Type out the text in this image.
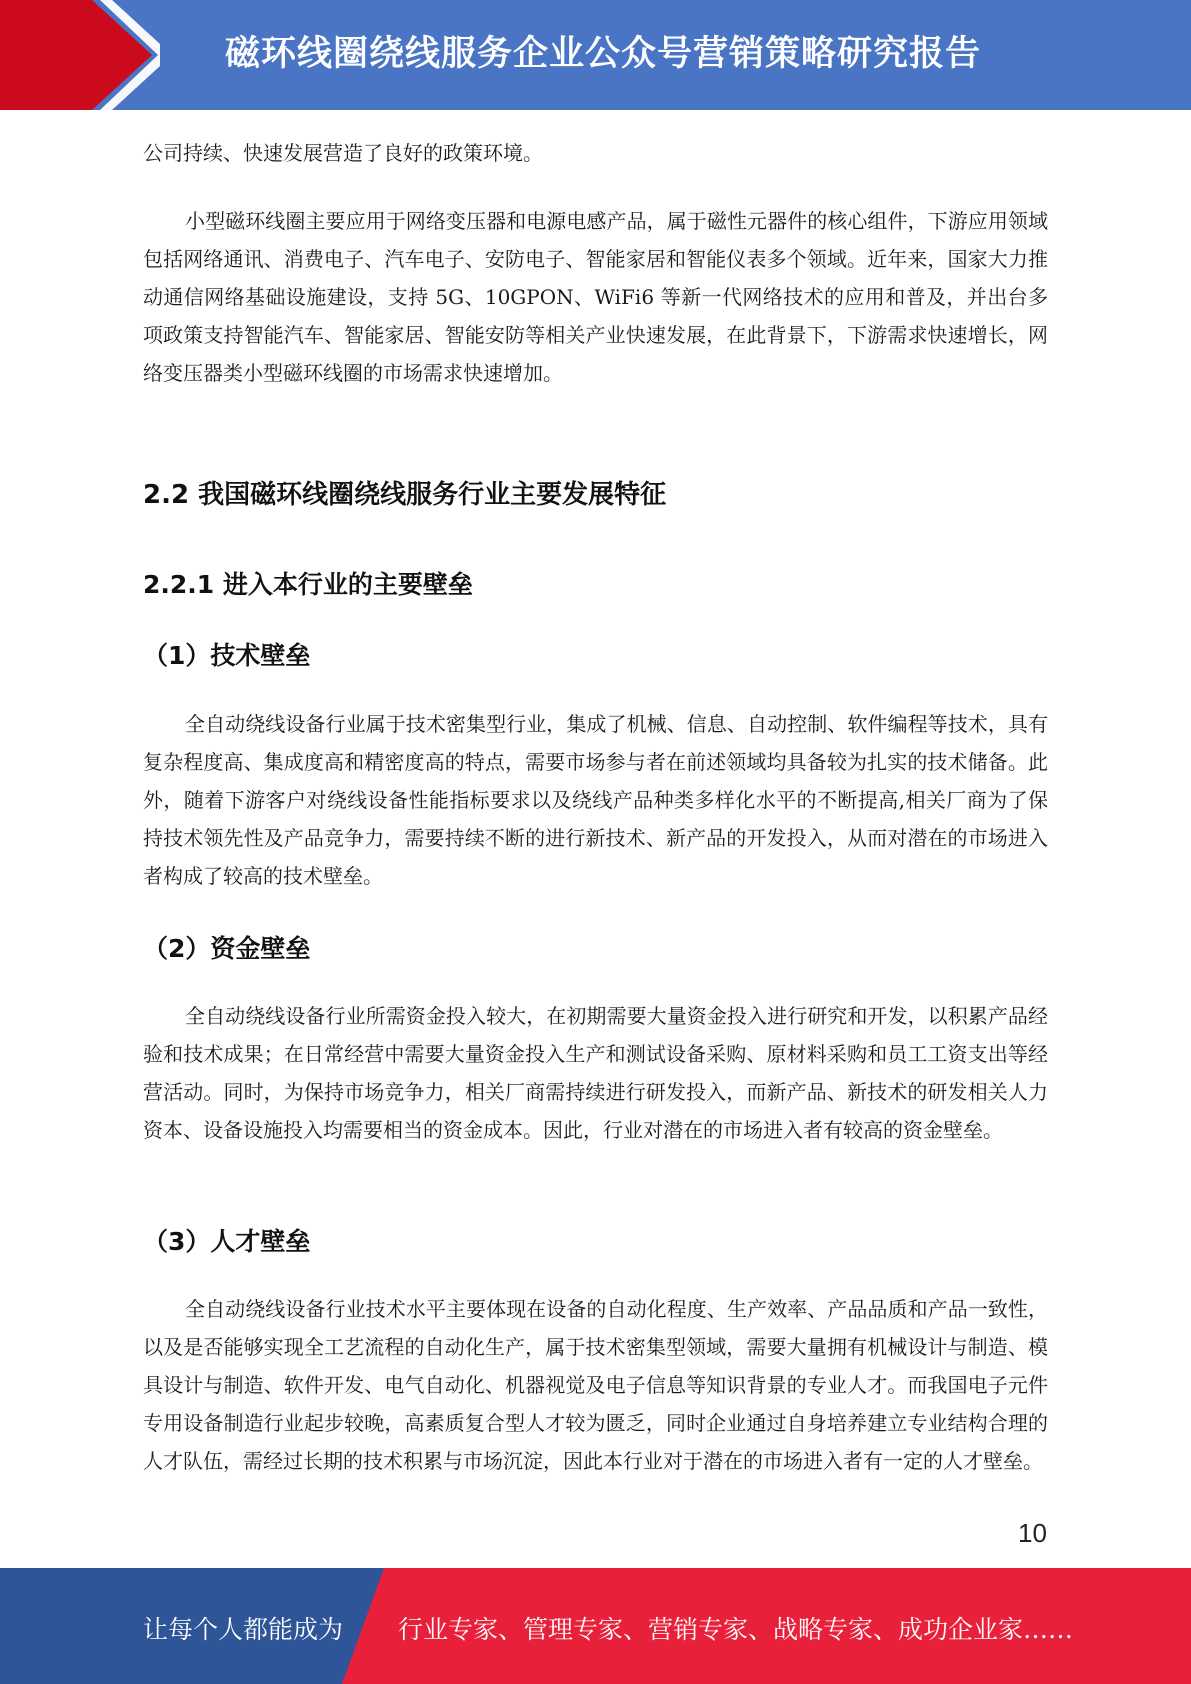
磁环线圈绕线服务企业公众号营销策略研究报告
公司持续、快速发展营造了良好的政策环境。
小型磁环线圈主要应用于网络变压器和电源电感产品，属于磁性元器件的核心组件，下游应用领域包括网络通讯、消费电子、汽车电子、安防电子、智能家居和智能仪表多个领域。近年来，国家大力推动通信网络基础设施建设，支持 5G、10GPON、WiFi6 等新一代网络技术的应用和普及，并出台多项政策支持智能汽车、智能家居、智能安防等相关产业快速发展，在此背景下，下游需求快速增长，网络变压器类小型磁环线圈的市场需求快速增加。
2.2 我国磁环线圈绕线服务行业主要发展特征
2.2.1 进入本行业的主要壁垒
（1）技术壁垒
全自动绕线设备行业属于技术密集型行业，集成了机械、信息、自动控制、软件编程等技术，具有复杂程度高、集成度高和精密度高的特点，需要市场参与者在前述领域均具备较为扎实的技术储备。此外，随着下游客户对绕线设备性能指标要求以及绕线产品种类多样化水平的不断提高,相关厂商为了保持技术领先性及产品竞争力，需要持续不断的进行新技术、新产品的开发投入，从而对潜在的市场进入者构成了较高的技术壁垒。
（2）资金壁垒
全自动绕线设备行业所需资金投入较大，在初期需要大量资金投入进行研究和开发，以积累产品经验和技术成果；在日常经营中需要大量资金投入生产和测试设备采购、原材料采购和员工工资支出等经营活动。同时，为保持市场竞争力，相关厂商需持续进行研发投入，而新产品、新技术的研发相关人力资本、设备设施投入均需要相当的资金成本。因此，行业对潜在的市场进入者有较高的资金壁垒。
（3）人才壁垒
全自动绕线设备行业技术水平主要体现在设备的自动化程度、生产效率、产品品质和产品一致性，以及是否能够实现全工艺流程的自动化生产，属于技术密集型领域，需要大量拥有机械设计与制造、模具设计与制造、软件开发、电气自动化、机器视觉及电子信息等知识背景的专业人才。而我国电子元件专用设备制造行业起步较晚，高素质复合型人才较为匮乏，同时企业通过自身培养建立专业结构合理的人才队伍，需经过长期的技术积累与市场沉淀，因此本行业对于潜在的市场进入者有一定的人才壁垒。
10
让每个人都能成为 行业专家、管理专家、营销专家、战略专家、成功企业家……
